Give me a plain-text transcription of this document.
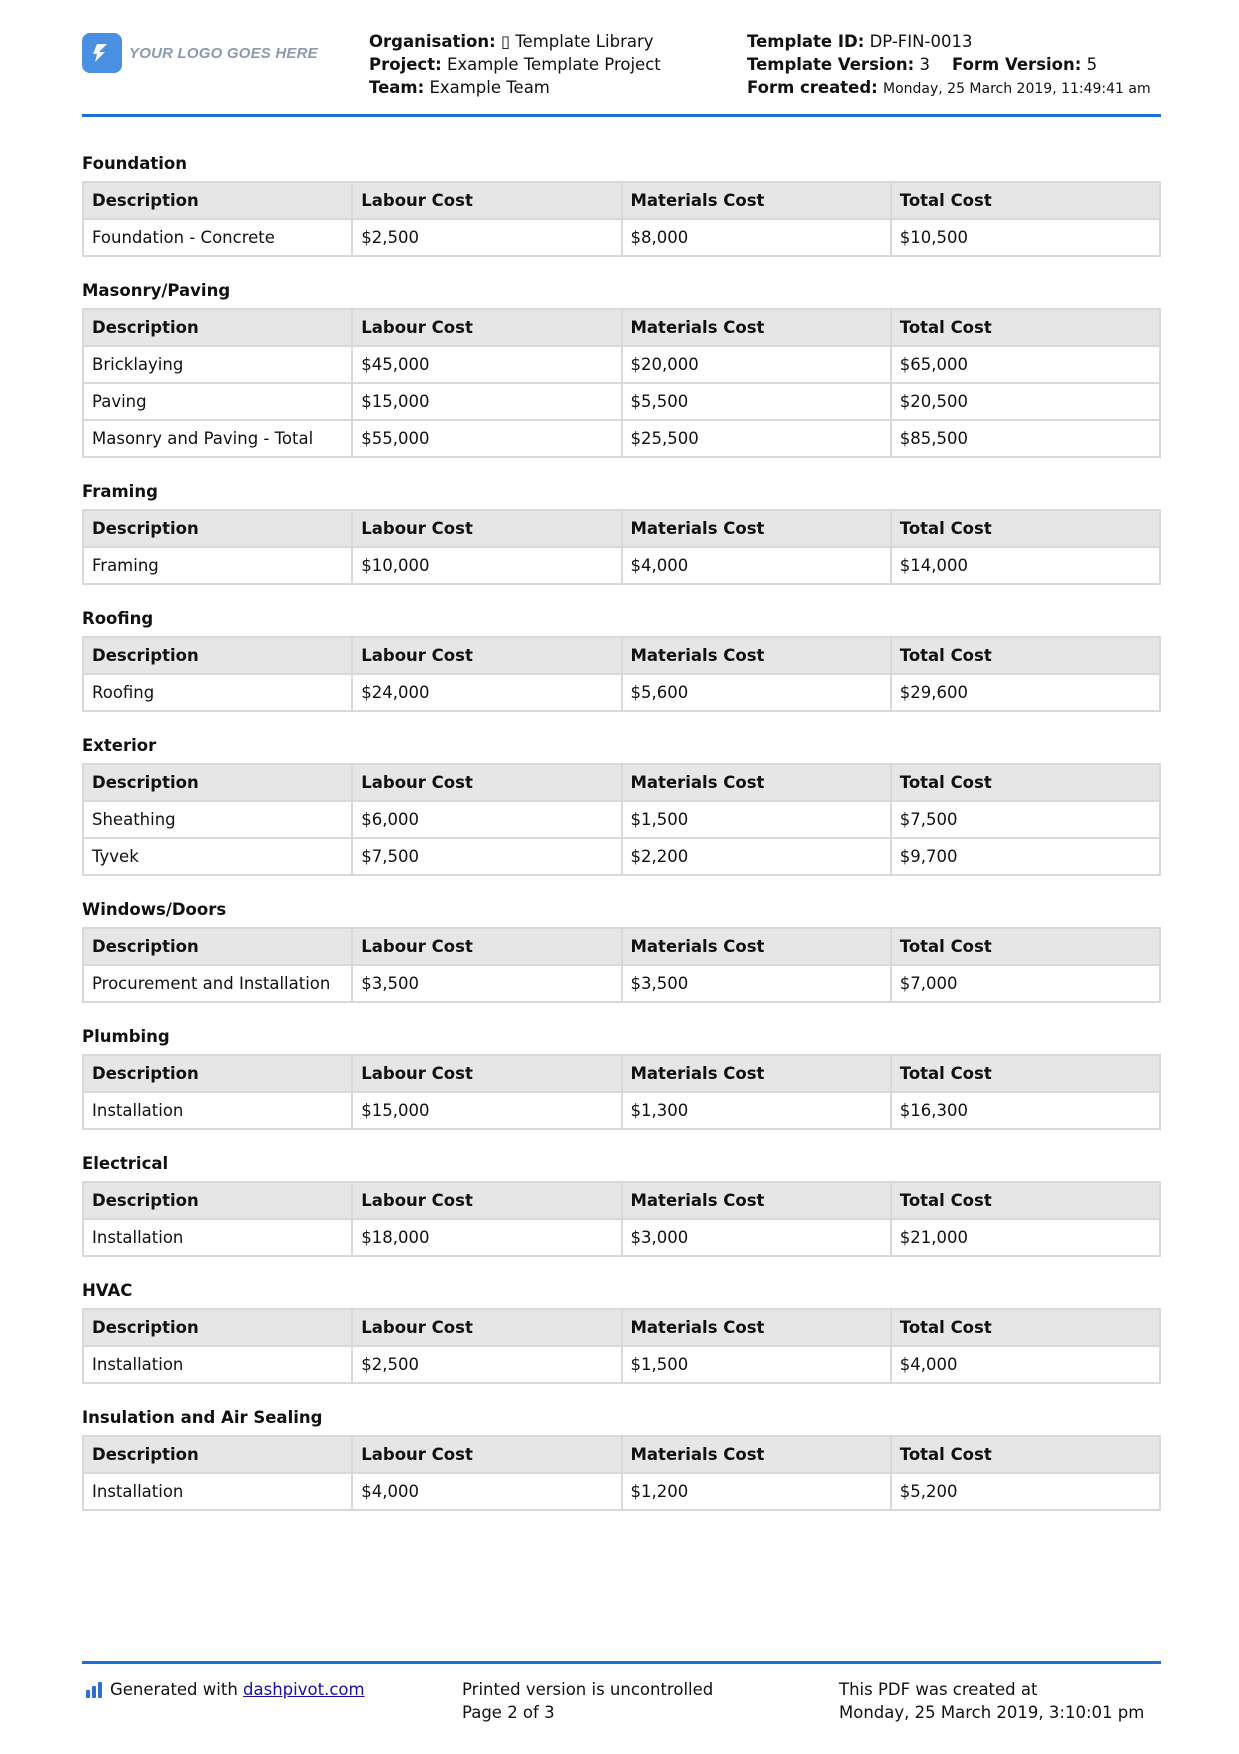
YOUR LOGO GOES HERE
Organisation: ▯ Template Library
Project: Example Template Project
Team: Example Team
Template ID: DP-FIN-0013
Template Version: 3 Form Version: 5
Form created: Monday, 25 March 2019, 11:49:41 am
Foundation
Description	Labour Cost	Materials Cost	Total Cost
Foundation - Concrete	$2,500	$8,000	$10,500
Masonry/Paving
Description	Labour Cost	Materials Cost	Total Cost
Bricklaying	$45,000	$20,000	$65,000
Paving	$15,000	$5,500	$20,500
Masonry and Paving - Total	$55,000	$25,500	$85,500
Framing
Description	Labour Cost	Materials Cost	Total Cost
Framing	$10,000	$4,000	$14,000
Roofing
Description	Labour Cost	Materials Cost	Total Cost
Roofing	$24,000	$5,600	$29,600
Exterior
Description	Labour Cost	Materials Cost	Total Cost
Sheathing	$6,000	$1,500	$7,500
Tyvek	$7,500	$2,200	$9,700
Windows/Doors
Description	Labour Cost	Materials Cost	Total Cost
Procurement and Installation	$3,500	$3,500	$7,000
Plumbing
Description	Labour Cost	Materials Cost	Total Cost
Installation	$15,000	$1,300	$16,300
Electrical
Description	Labour Cost	Materials Cost	Total Cost
Installation	$18,000	$3,000	$21,000
HVAC
Description	Labour Cost	Materials Cost	Total Cost
Installation	$2,500	$1,500	$4,000
Insulation and Air Sealing
Description	Labour Cost	Materials Cost	Total Cost
Installation	$4,000	$1,200	$5,200
Generated with
dashpivot.com	Printed version is uncontrolled
Page 2 of 3
This PDF was created at
Monday, 25 March 2019, 3:10:01 pm
